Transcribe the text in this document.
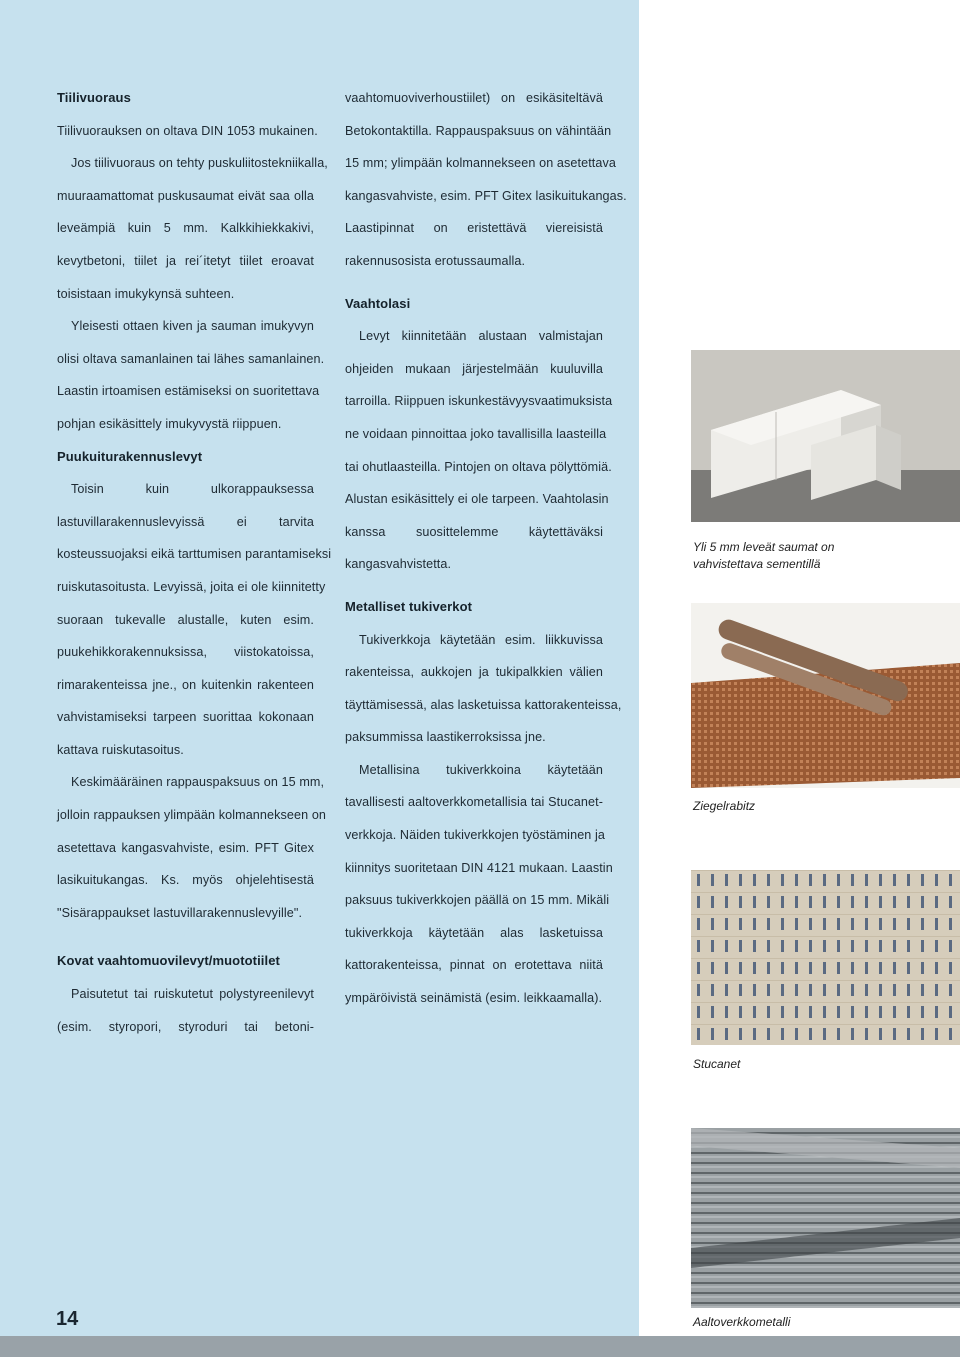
Tiilivuoraus
Tiilivuorauksen on oltava DIN 1053 mukainen.
Jos tiilivuoraus on tehty puskuliitostekniikalla,
muuraamattomat puskusaumat eivät saa olla
leveämpiä kuin 5 mm. Kalkkihiekkakivi,
kevytbetoni, tiilet ja rei´itetyt tiilet eroavat
toisistaan imukykynsä suhteen.
Yleisesti ottaen kiven ja sauman imukyvyn
olisi oltava samanlainen tai lähes samanlainen.
Laastin irtoamisen estämiseksi on suoritettava
pohjan esikäsittely imukyvystä riippuen.
Puukuiturakennuslevyt
Toisin kuin ulkorappauksessa
lastuvillarakennuslevyissä ei tarvita
kosteussuojaksi eikä tarttumisen parantamiseksi
ruiskutasoitusta. Levyissä, joita ei ole kiinnitetty
suoraan tukevalle alustalle, kuten esim.
puukehikkorakennuksissa, viistokatoissa,
rimarakenteissa jne., on kuitenkin rakenteen
vahvistamiseksi tarpeen suorittaa kokonaan
kattava ruiskutasoitus.
Keskimääräinen rappauspaksuus on 15 mm,
jolloin rappauksen ylimpään kolmannekseen on
asetettava kangasvahviste, esim. PFT Gitex
lasikuitukangas. Ks. myös ohjelehtisestä
"Sisärappaukset lastuvillarakennuslevyille".
Kovat vaahtomuovilevyt/muototiilet
Paisutetut tai ruiskutetut polystyreenilevyt
(esim. styropori, styroduri tai betoni-
vaahtomuoviverhoustiilet) on esikäsiteltävä
Betokontaktilla. Rappauspaksuus on vähintään
15 mm; ylimpään kolmannekseen on asetettava
kangasvahviste, esim. PFT Gitex lasikuitukangas.
Laastipinnat on eristettävä viereisistä
rakennusosista erotussaumalla.
Vaahtolasi
Levyt kiinnitetään alustaan valmistajan
ohjeiden mukaan järjestelmään kuuluvilla
tarroilla. Riippuen iskunkestävyysvaatimuksista
ne voidaan pinnoittaa joko tavallisilla laasteilla
tai ohutlaasteilla. Pintojen on oltava pölyttömiä.
Alustan esikäsittely ei ole tarpeen. Vaahtolasin
kanssa suosittelemme käytettäväksi
kangasvahvistetta.
Metalliset tukiverkot
Tukiverkkoja käytetään esim. liikkuvissa
rakenteissa, aukkojen ja tukipalkkien välien
täyttämisessä, alas lasketuissa kattorakenteissa,
paksummissa laastikerroksissa jne.
Metallisina tukiverkkoina käytetään
tavallisesti aaltoverkkometallisia tai Stucanet-
verkkoja. Näiden tukiverkkojen työstäminen ja
kiinnitys suoritetaan DIN 4121 mukaan. Laastin
paksuus tukiverkkojen päällä on 15 mm. Mikäli
tukiverkkoja käytetään alas lasketuissa
kattorakenteissa, pinnat on erotettava niitä
ympäröivistä seinämistä (esim. leikkaamalla).
Yli 5 mm leveät saumat on
vahvistettava sementillä
Ziegelrabitz
Stucanet
Aaltoverkkometalli
14
